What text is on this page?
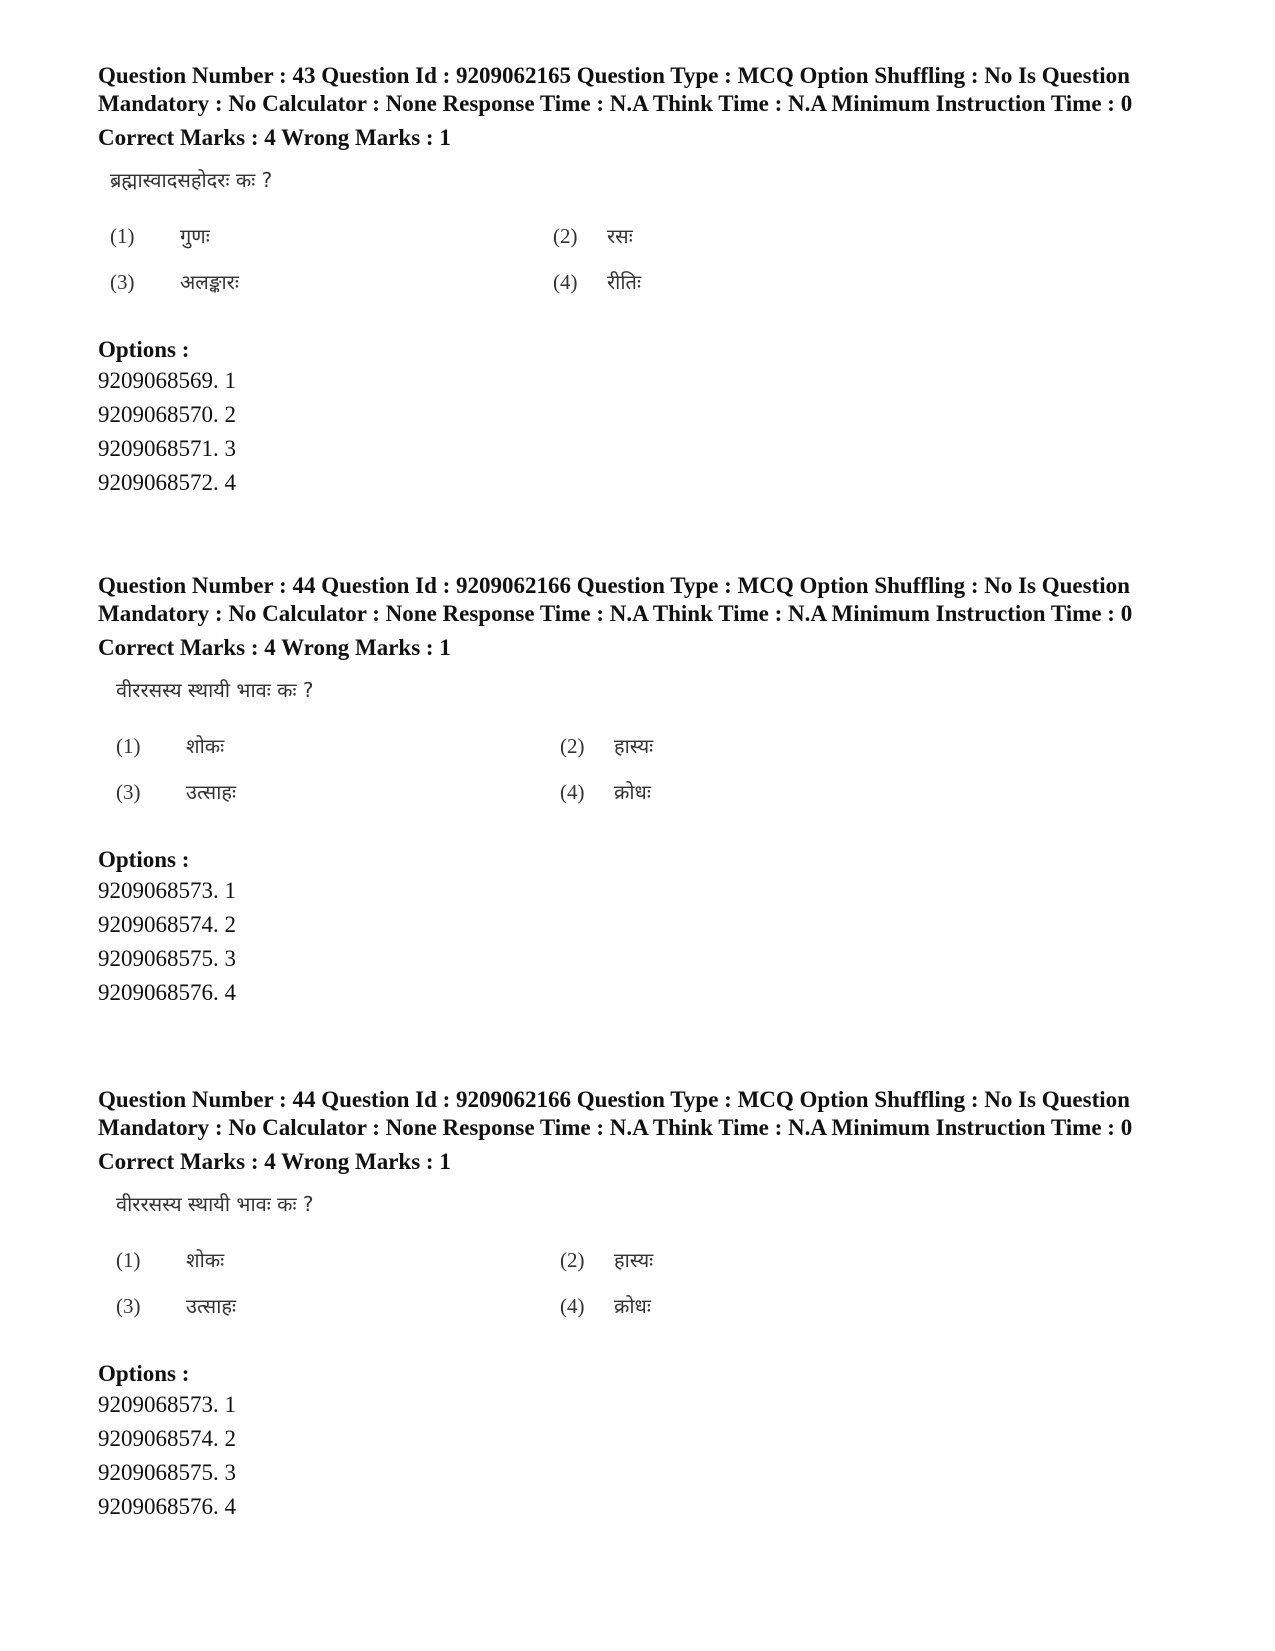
Question Number : 43 Question Id : 9209062165 Question Type : MCQ Option Shuffling : No Is Question Mandatory : No Calculator : None Response Time : N.A Think Time : N.A Minimum Instruction Time : 0

Correct Marks : 4 Wrong Marks : 1
ब्रह्मास्वादसहोदरः कः ?
(1) गुणः	(2) रसः
(3) अलङ्कारः	(4) रीतिः
Options :
9209068569. 1
9209068570. 2
9209068571. 3
9209068572. 4

Question Number : 44 Question Id : 9209062166 Question Type : MCQ Option Shuffling : No Is Question Mandatory : No Calculator : None Response Time : N.A Think Time : N.A Minimum Instruction Time : 0

Correct Marks : 4 Wrong Marks : 1
वीररसस्य स्थायी भावः कः ?
(1) शोकः	(2) हास्यः
(3) उत्साहः	(4) क्रोधः
Options :
9209068573. 1
9209068574. 2
9209068575. 3
9209068576. 4

Question Number : 44 Question Id : 9209062166 Question Type : MCQ Option Shuffling : No Is Question Mandatory : No Calculator : None Response Time : N.A Think Time : N.A Minimum Instruction Time : 0

Correct Marks : 4 Wrong Marks : 1
वीररसस्य स्थायी भावः कः ?
(1) शोकः	(2) हास्यः
(3) उत्साहः	(4) क्रोधः
Options :
9209068573. 1
9209068574. 2
9209068575. 3
9209068576. 4
